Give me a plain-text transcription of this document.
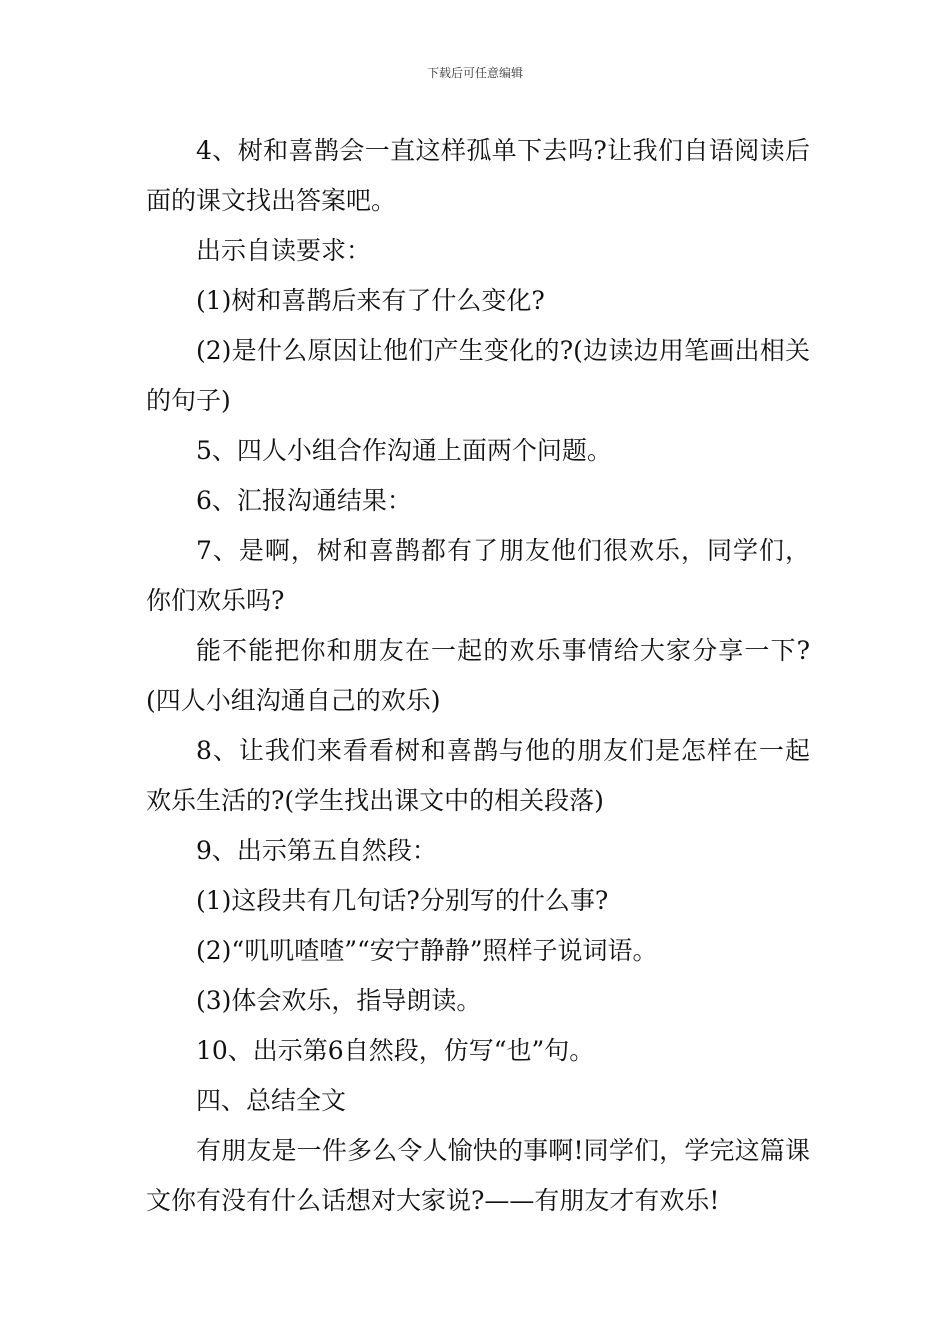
下载后可任意编辑

4、树和喜鹊会一直这样孤单下去吗?让我们自语阅读后面的课文找出答案吧。

出示自读要求：

(1)树和喜鹊后来有了什么变化?

(2)是什么原因让他们产生变化的?(边读边用笔画出相关的句子)

5、四人小组合作沟通上面两个问题。

6、汇报沟通结果：

7、是啊，树和喜鹊都有了朋友他们很欢乐，同学们，你们欢乐吗?

能不能把你和朋友在一起的欢乐事情给大家分享一下?(四人小组沟通自己的欢乐)

8、让我们来看看树和喜鹊与他的朋友们是怎样在一起欢乐生活的?(学生找出课文中的相关段落)

9、出示第五自然段：

(1)这段共有几句话?分别写的什么事?

(2)“叽叽喳喳”“安宁静静”照样子说词语。

(3)体会欢乐，指导朗读。

10、出示第6自然段，仿写“也”句。

四、总结全文

有朋友是一件多么令人愉快的事啊!同学们，学完这篇课文你有没有什么话想对大家说?——有朋友才有欢乐!
